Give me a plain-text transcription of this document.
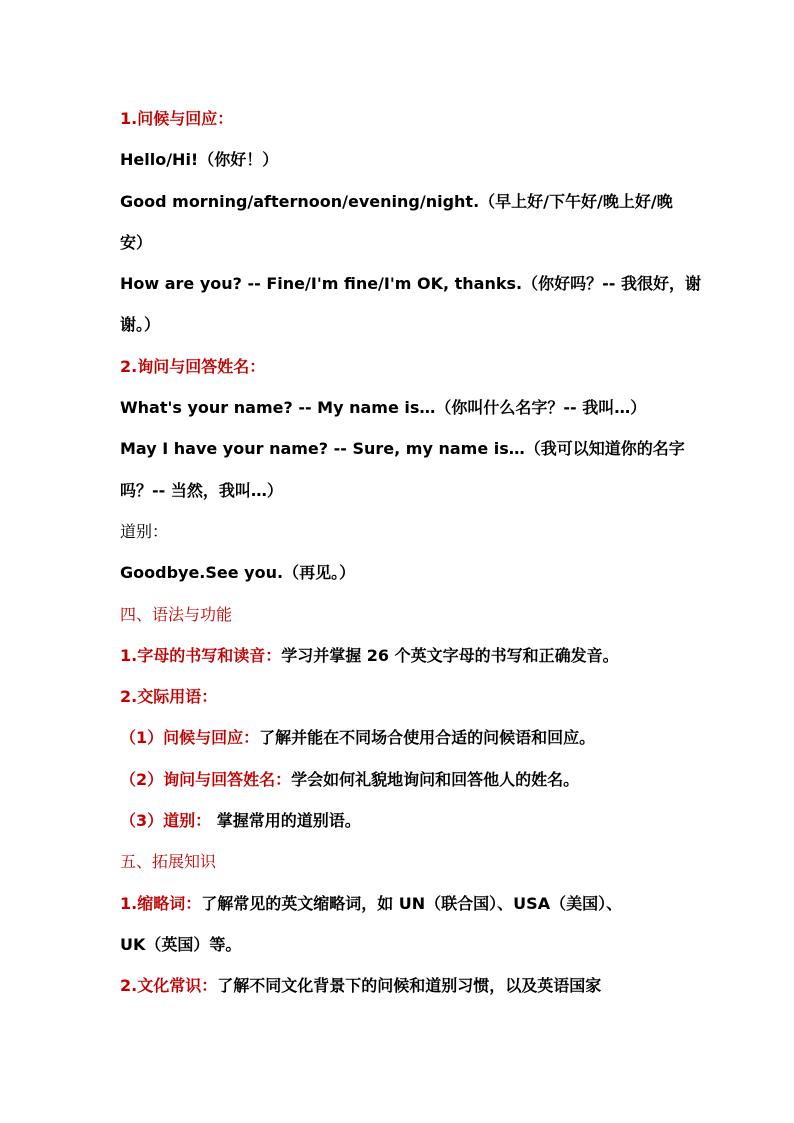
1.问候与回应：
Hello/Hi!（你好！）
Good morning/afternoon/evening/night.（早上好/下午好/晚上好/晚
安）
How are you? -- Fine/I'm fine/I'm OK, thanks.（你好吗？-- 我很好，谢
谢。）
2.询问与回答姓名：
What's your name? -- My name is…（你叫什么名字？-- 我叫…）
May I have your name? -- Sure, my name is…（我可以知道你的名字
吗？-- 当然，我叫…）
道别：
Goodbye.See you.（再见。）
四、语法与功能
1.字母的书写和读音：学习并掌握 26 个英文字母的书写和正确发音。
2.交际用语：
（1）问候与回应：了解并能在不同场合使用合适的问候语和回应。
（2）询问与回答姓名：学会如何礼貌地询问和回答他人的姓名。
（3）道别： 掌握常用的道别语。
五、拓展知识
1.缩略词：了解常见的英文缩略词，如 UN（联合国）、USA（美国）、
UK（英国）等。
2.文化常识：了解不同文化背景下的问候和道别习惯，以及英语国家
